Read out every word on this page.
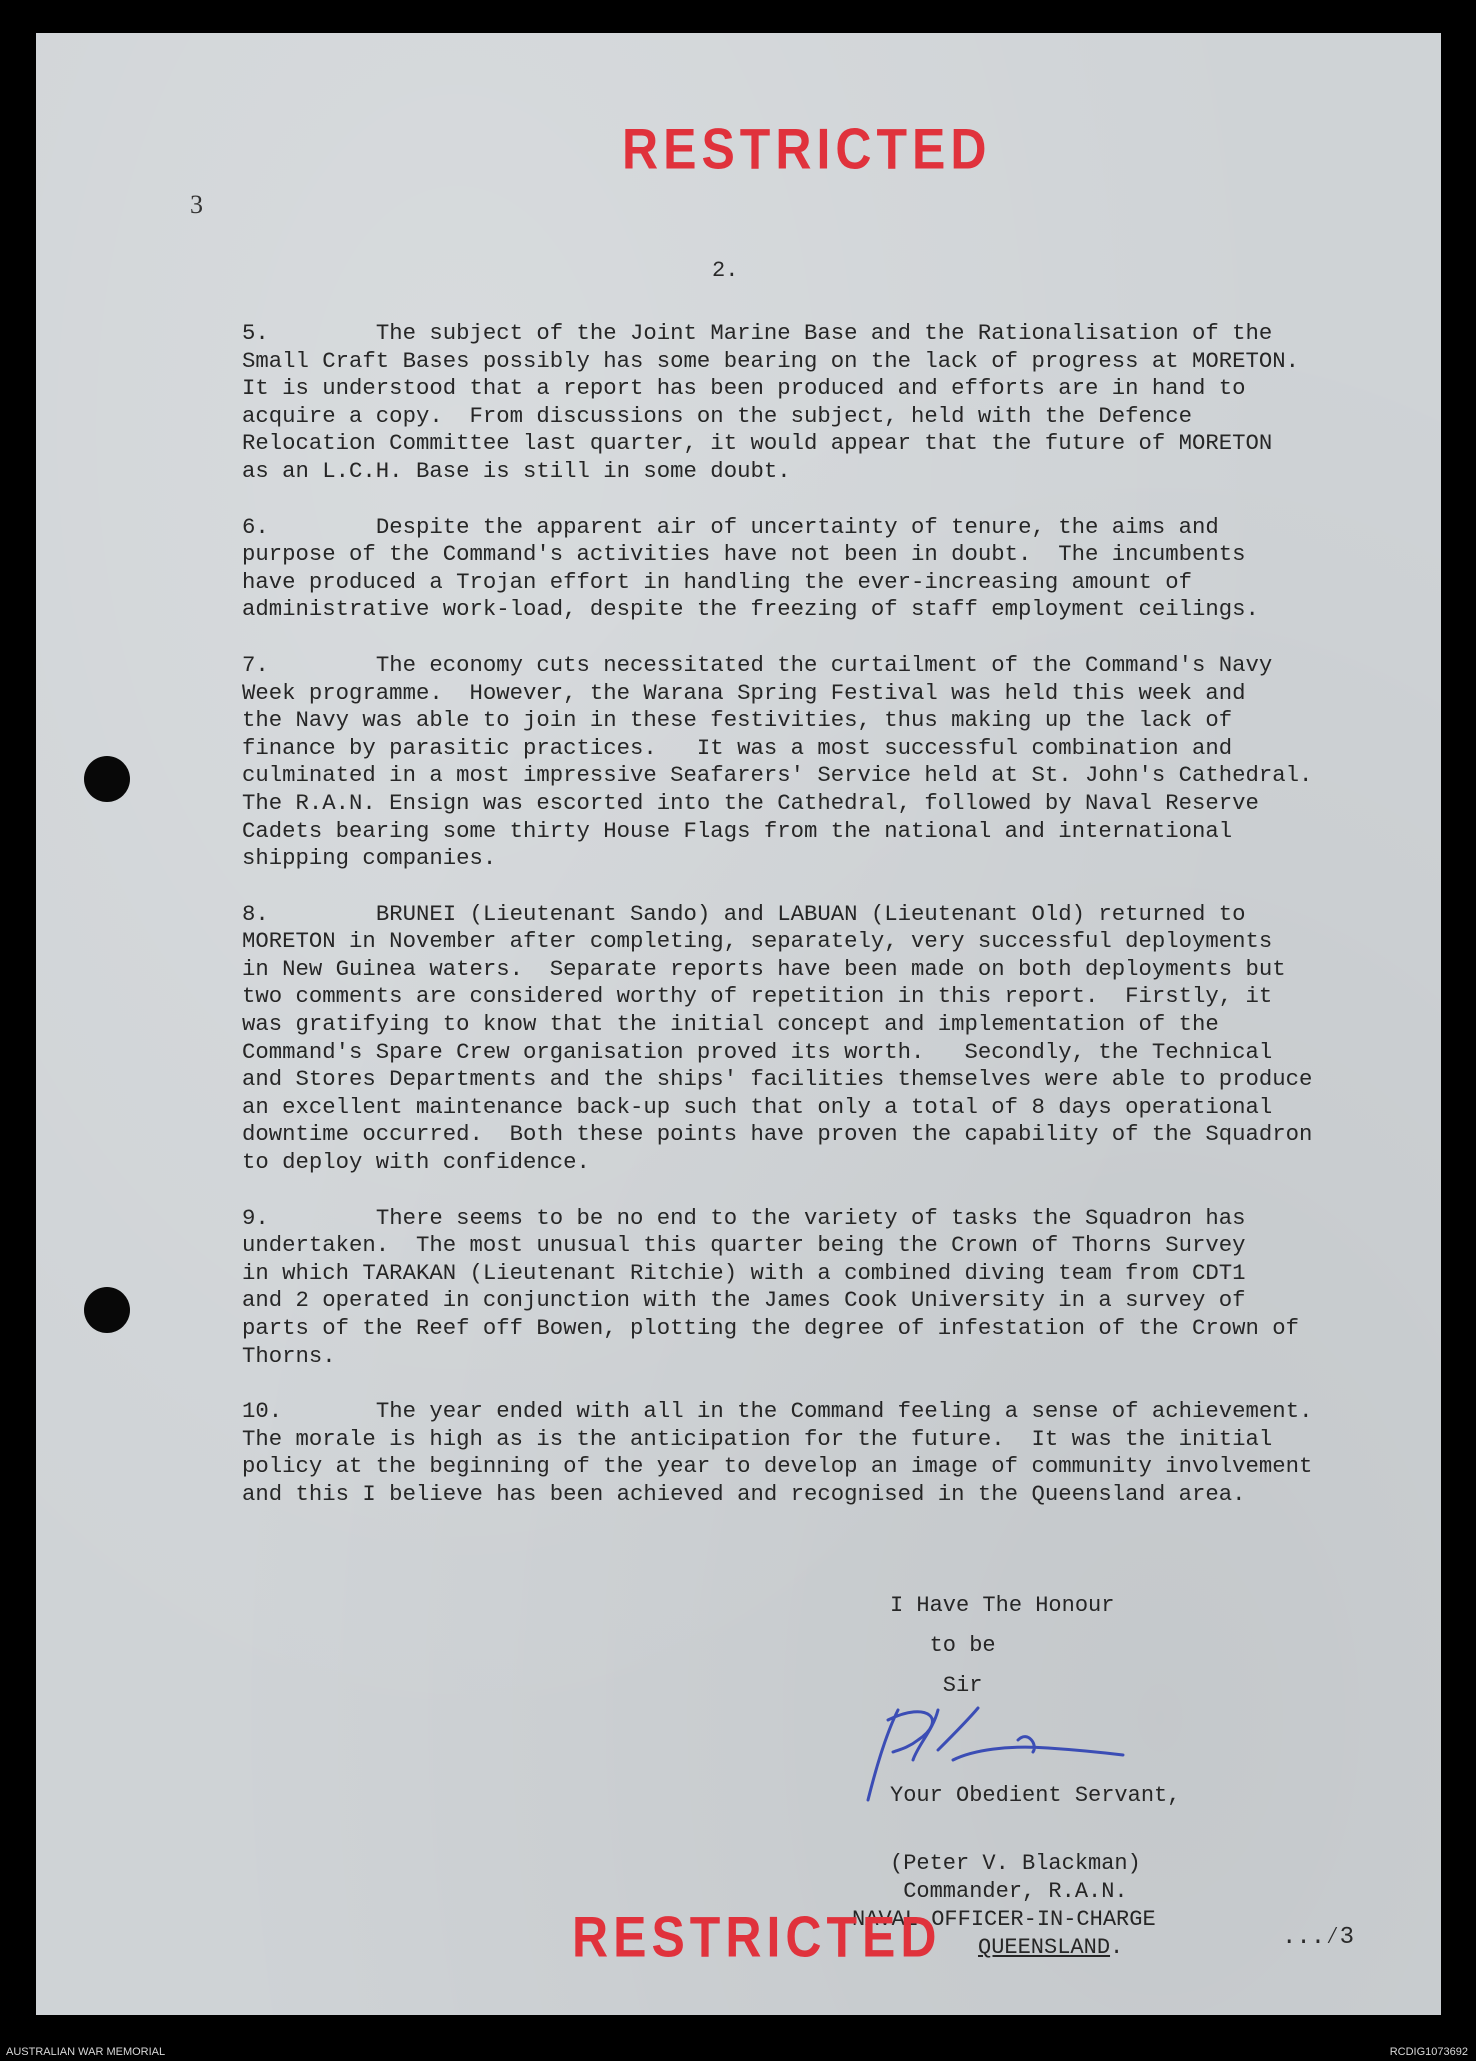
3
RESTRICTED
2.
5.	The subject of the Joint Marine Base and the Rationalisation of the
Small Craft Bases possibly has some bearing on the lack of progress at MORETON.
It is understood that a report has been produced and efforts are in hand to
acquire a copy.  From discussions on the subject, held with the Defence
Relocation Committee last quarter, it would appear that the future of MORETON
as an L.C.H. Base is still in some doubt.
6.	Despite the apparent air of uncertainty of tenure, the aims and
purpose of the Command's activities have not been in doubt.  The incumbents
have produced a Trojan effort in handling the ever-increasing amount of
administrative work-load, despite the freezing of staff employment ceilings.
7.	The economy cuts necessitated the curtailment of the Command's Navy
Week programme.  However, the Warana Spring Festival was held this week and
the Navy was able to join in these festivities, thus making up the lack of
finance by parasitic practices.   It was a most successful combination and
culminated in a most impressive Seafarers' Service held at St. John's Cathedral.
The R.A.N. Ensign was escorted into the Cathedral, followed by Naval Reserve
Cadets bearing some thirty House Flags from the national and international
shipping companies.
8.	BRUNEI (Lieutenant Sando) and LABUAN (Lieutenant Old) returned to
MORETON in November after completing, separately, very successful deployments
in New Guinea waters.  Separate reports have been made on both deployments but
two comments are considered worthy of repetition in this report.  Firstly, it
was gratifying to know that the initial concept and implementation of the
Command's Spare Crew organisation proved its worth.   Secondly, the Technical
and Stores Departments and the ships' facilities themselves were able to produce
an excellent maintenance back-up such that only a total of 8 days operational
downtime occurred.  Both these points have proven the capability of the Squadron
to deploy with confidence.
9.	There seems to be no end to the variety of tasks the Squadron has
undertaken.  The most unusual this quarter being the Crown of Thorns Survey
in which TARAKAN (Lieutenant Ritchie) with a combined diving team from CDT1
and 2 operated in conjunction with the James Cook University in a survey of
parts of the Reef off Bowen, plotting the degree of infestation of the Crown of
Thorns.
10.	The year ended with all in the Command feeling a sense of achievement.
The morale is high as is the anticipation for the future.  It was the initial
policy at the beginning of the year to develop an image of community involvement
and this I believe has been achieved and recognised in the Queensland area.
I Have The Honour
to be
Sir
Your Obedient Servant,
(Peter V. Blackman)
Commander, R.A.N.
NAVAL OFFICER-IN-CHARGE
QUEENSLAND.
RESTRICTED	...⁄3
AUSTRALIAN WAR MEMORIAL	RCDIG1073692
